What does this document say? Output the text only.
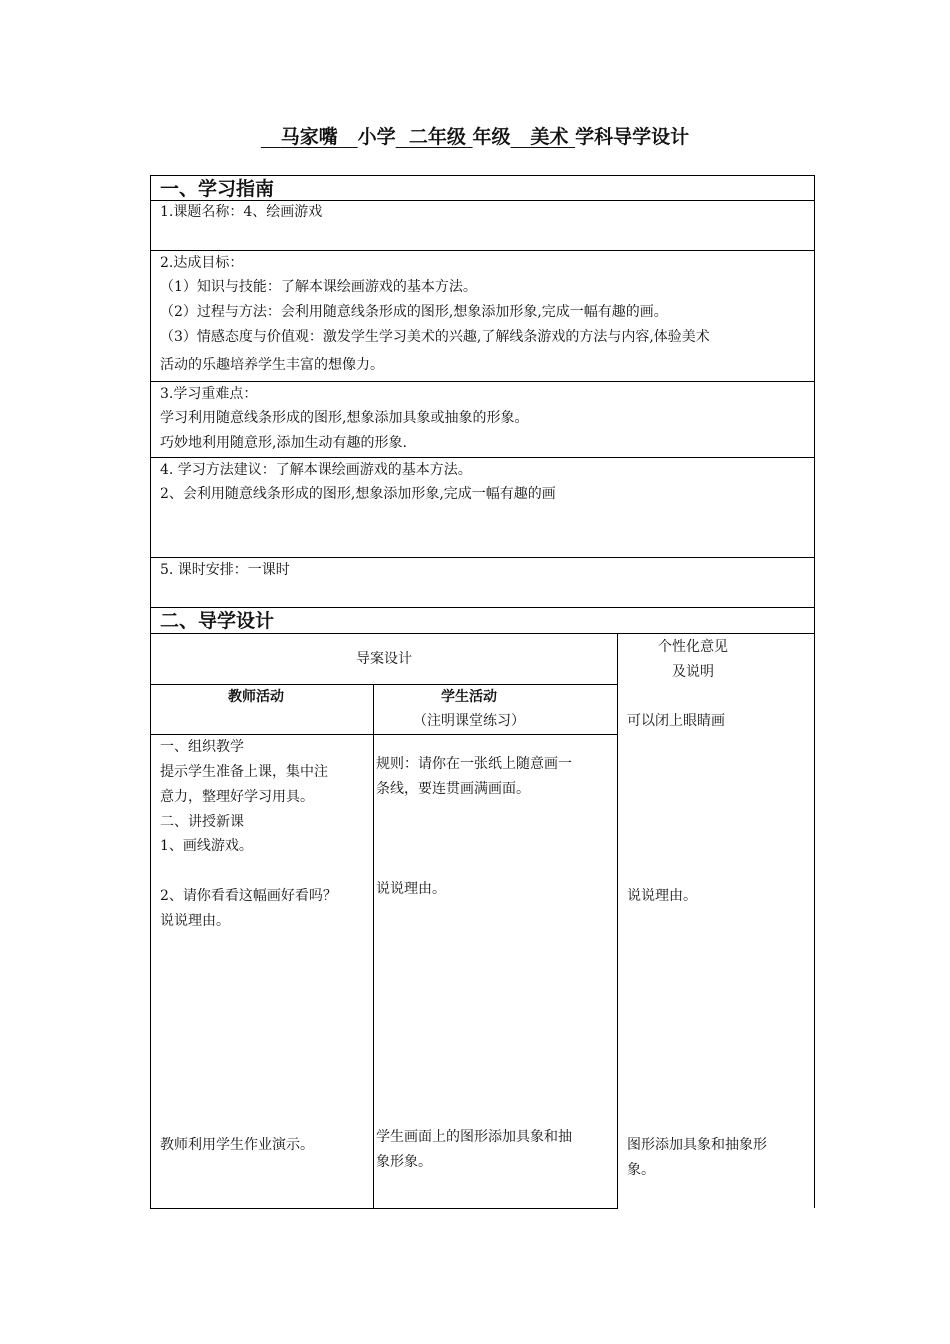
马家嘴 小学 二年级 年级 美术 学科导学设计
一、学习指南
1.课题名称：4、绘画游戏
2.达成目标：
（1）知识与技能：了解本课绘画游戏的基本方法。
（2）过程与方法：会利用随意线条形成的图形,想象添加形象,完成一幅有趣的画。
（3）情感态度与价值观：激发学生学习美术的兴趣,了解线条游戏的方法与内容,体验美术
活动的乐趣培养学生丰富的想像力。
3.学习重难点：
学习利用随意线条形成的图形,想象添加具象或抽象的形象。
巧妙地利用随意形,添加生动有趣的形象.
4. 学习方法建议：了解本课绘画游戏的基本方法。
2、会利用随意线条形成的图形,想象添加形象,完成一幅有趣的画
5. 课时安排：一课时
二、导学设计
导案设计
个性化意见
及说明
教师活动	学生活动
（注明课堂练习）
一、组织教学
提示学生准备上课，集中注
意力，整理好学习用具。
二、讲授新课
1、画线游戏。
2、请你看看这幅画好看吗？
说说理由。
教师利用学生作业演示。
规则：请你在一张纸上随意画一
条线，要连贯画满画面。
说说理由。
学生画面上的图形添加具象和抽
象形象。
可以闭上眼睛画
说说理由。
图形添加具象和抽象形
象。
